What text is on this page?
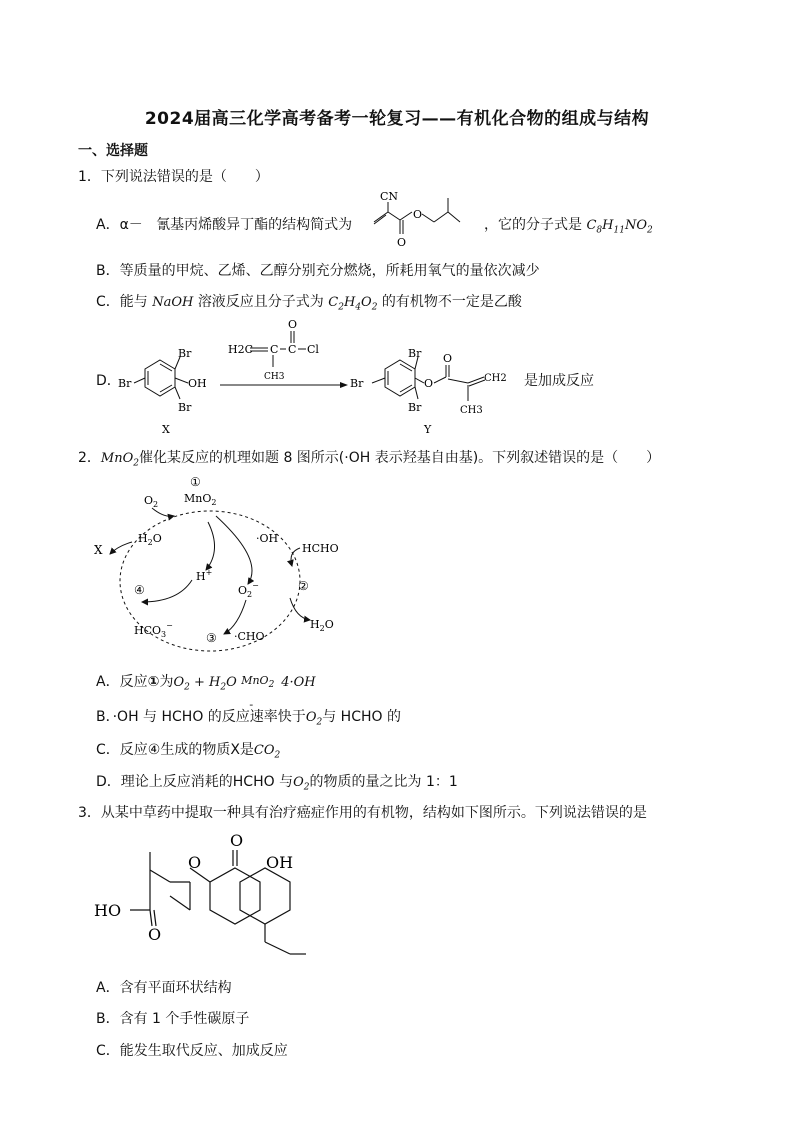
2024届高三化学高考备考一轮复习——有机化合物的组成与结构
一、选择题
1．下列说法错误的是（　　）
A．α－ 氰基丙烯酸异丁酯的结构简式为
CN
O
O
，它的分子式是 $C_8H_{11}NO_2$
B．等质量的甲烷、乙烯、乙醇分别充分燃烧，所耗用氧气的量依次减少
C．能与 NaOH 溶液反应且分子式为 $C_2H_4O_2$ 的有机物不一定是乙酸
D．
Br
Br
OH
Br
X
H2C C C
O
Cl
CH3
Br
Br
Br	O
O
CH2
CH3
Y
是加成反应
2．MnO$_2$催化某反应的机理如题 8 图所示(·OH 表示羟基自由基)。下列叙述错误的是（　　）
①
MnO$_2$
$O_2$
$H_2O$
X
·OH
HCHO
②
$H_2O$
H+
$O_2^-$
④
$HCO_3^-$
③ ·CHO
A．反应①为$O_2 + H_2O$ MnO$_2$
-
4·OH
B．·OH 与 HCHO 的反应速率快于$O_2$与 HCHO 的
C．反应④生成的物质X是$CO_2$
D．理论上反应消耗的HCHO 与$O_2$的物质的量之比为 1：1
3．从某中草药中提取一种具有治疗癌症作用的有机物，结构如下图所示。下列说法错误的是
O
O	OH
HO
O
A．含有平面环状结构
B．含有 1 个手性碳原子
C．能发生取代反应、加成反应
